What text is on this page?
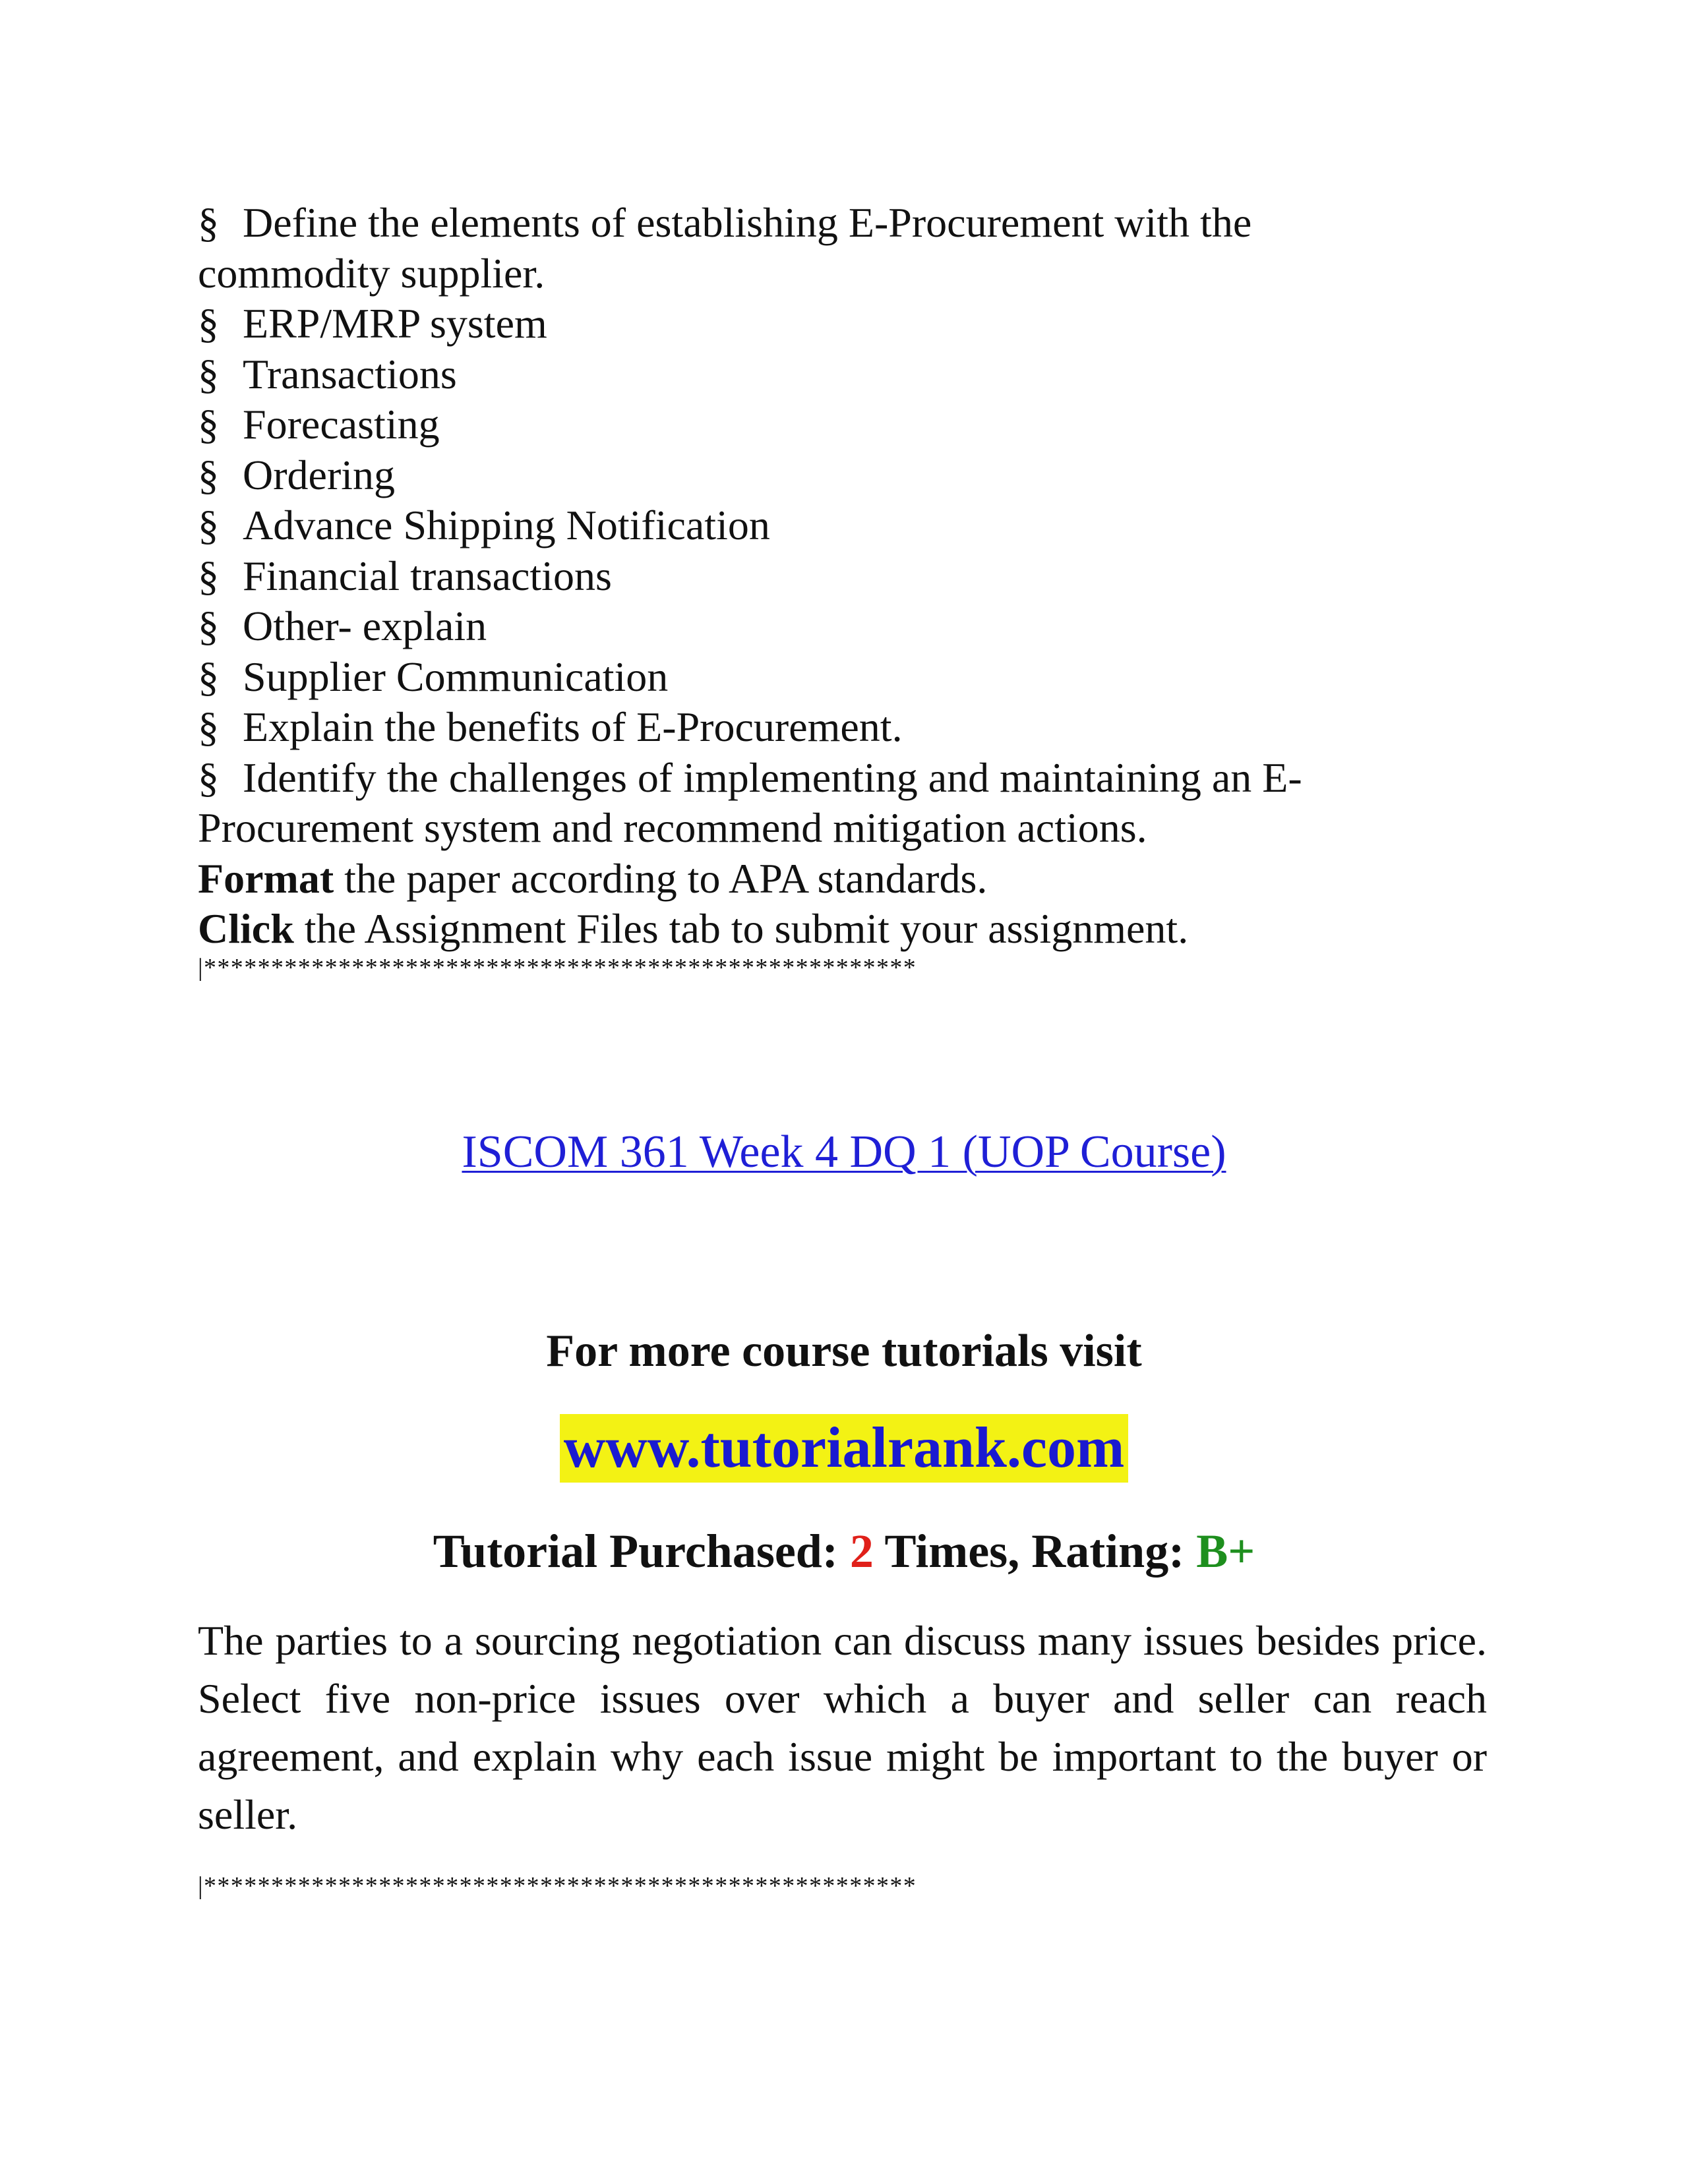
§ Define the elements of establishing E-Procurement with the
commodity supplier.
§ ERP/MRP system
§ Transactions
§ Forecasting
§ Ordering
§ Advance Shipping Notification
§ Financial transactions
§ Other- explain
§ Supplier Communication
§ Explain the benefits of E-Procurement.
§ Identify the challenges of implementing and maintaining an E-
Procurement system and recommend mitigation actions.
Format the paper according to APA standards.
Click the Assignment Files tab to submit your assignment.
|*****************************************************
ISCOM 361 Week 4 DQ 1 (UOP Course)
For more course tutorials visit
www.tutorialrank.com
Tutorial Purchased: 2 Times, Rating: B+
The parties to a sourcing negotiation can discuss many issues besides price. Select five non-price issues over which a buyer and seller can reach agreement, and explain why each issue might be important to the buyer or seller.
|*****************************************************
